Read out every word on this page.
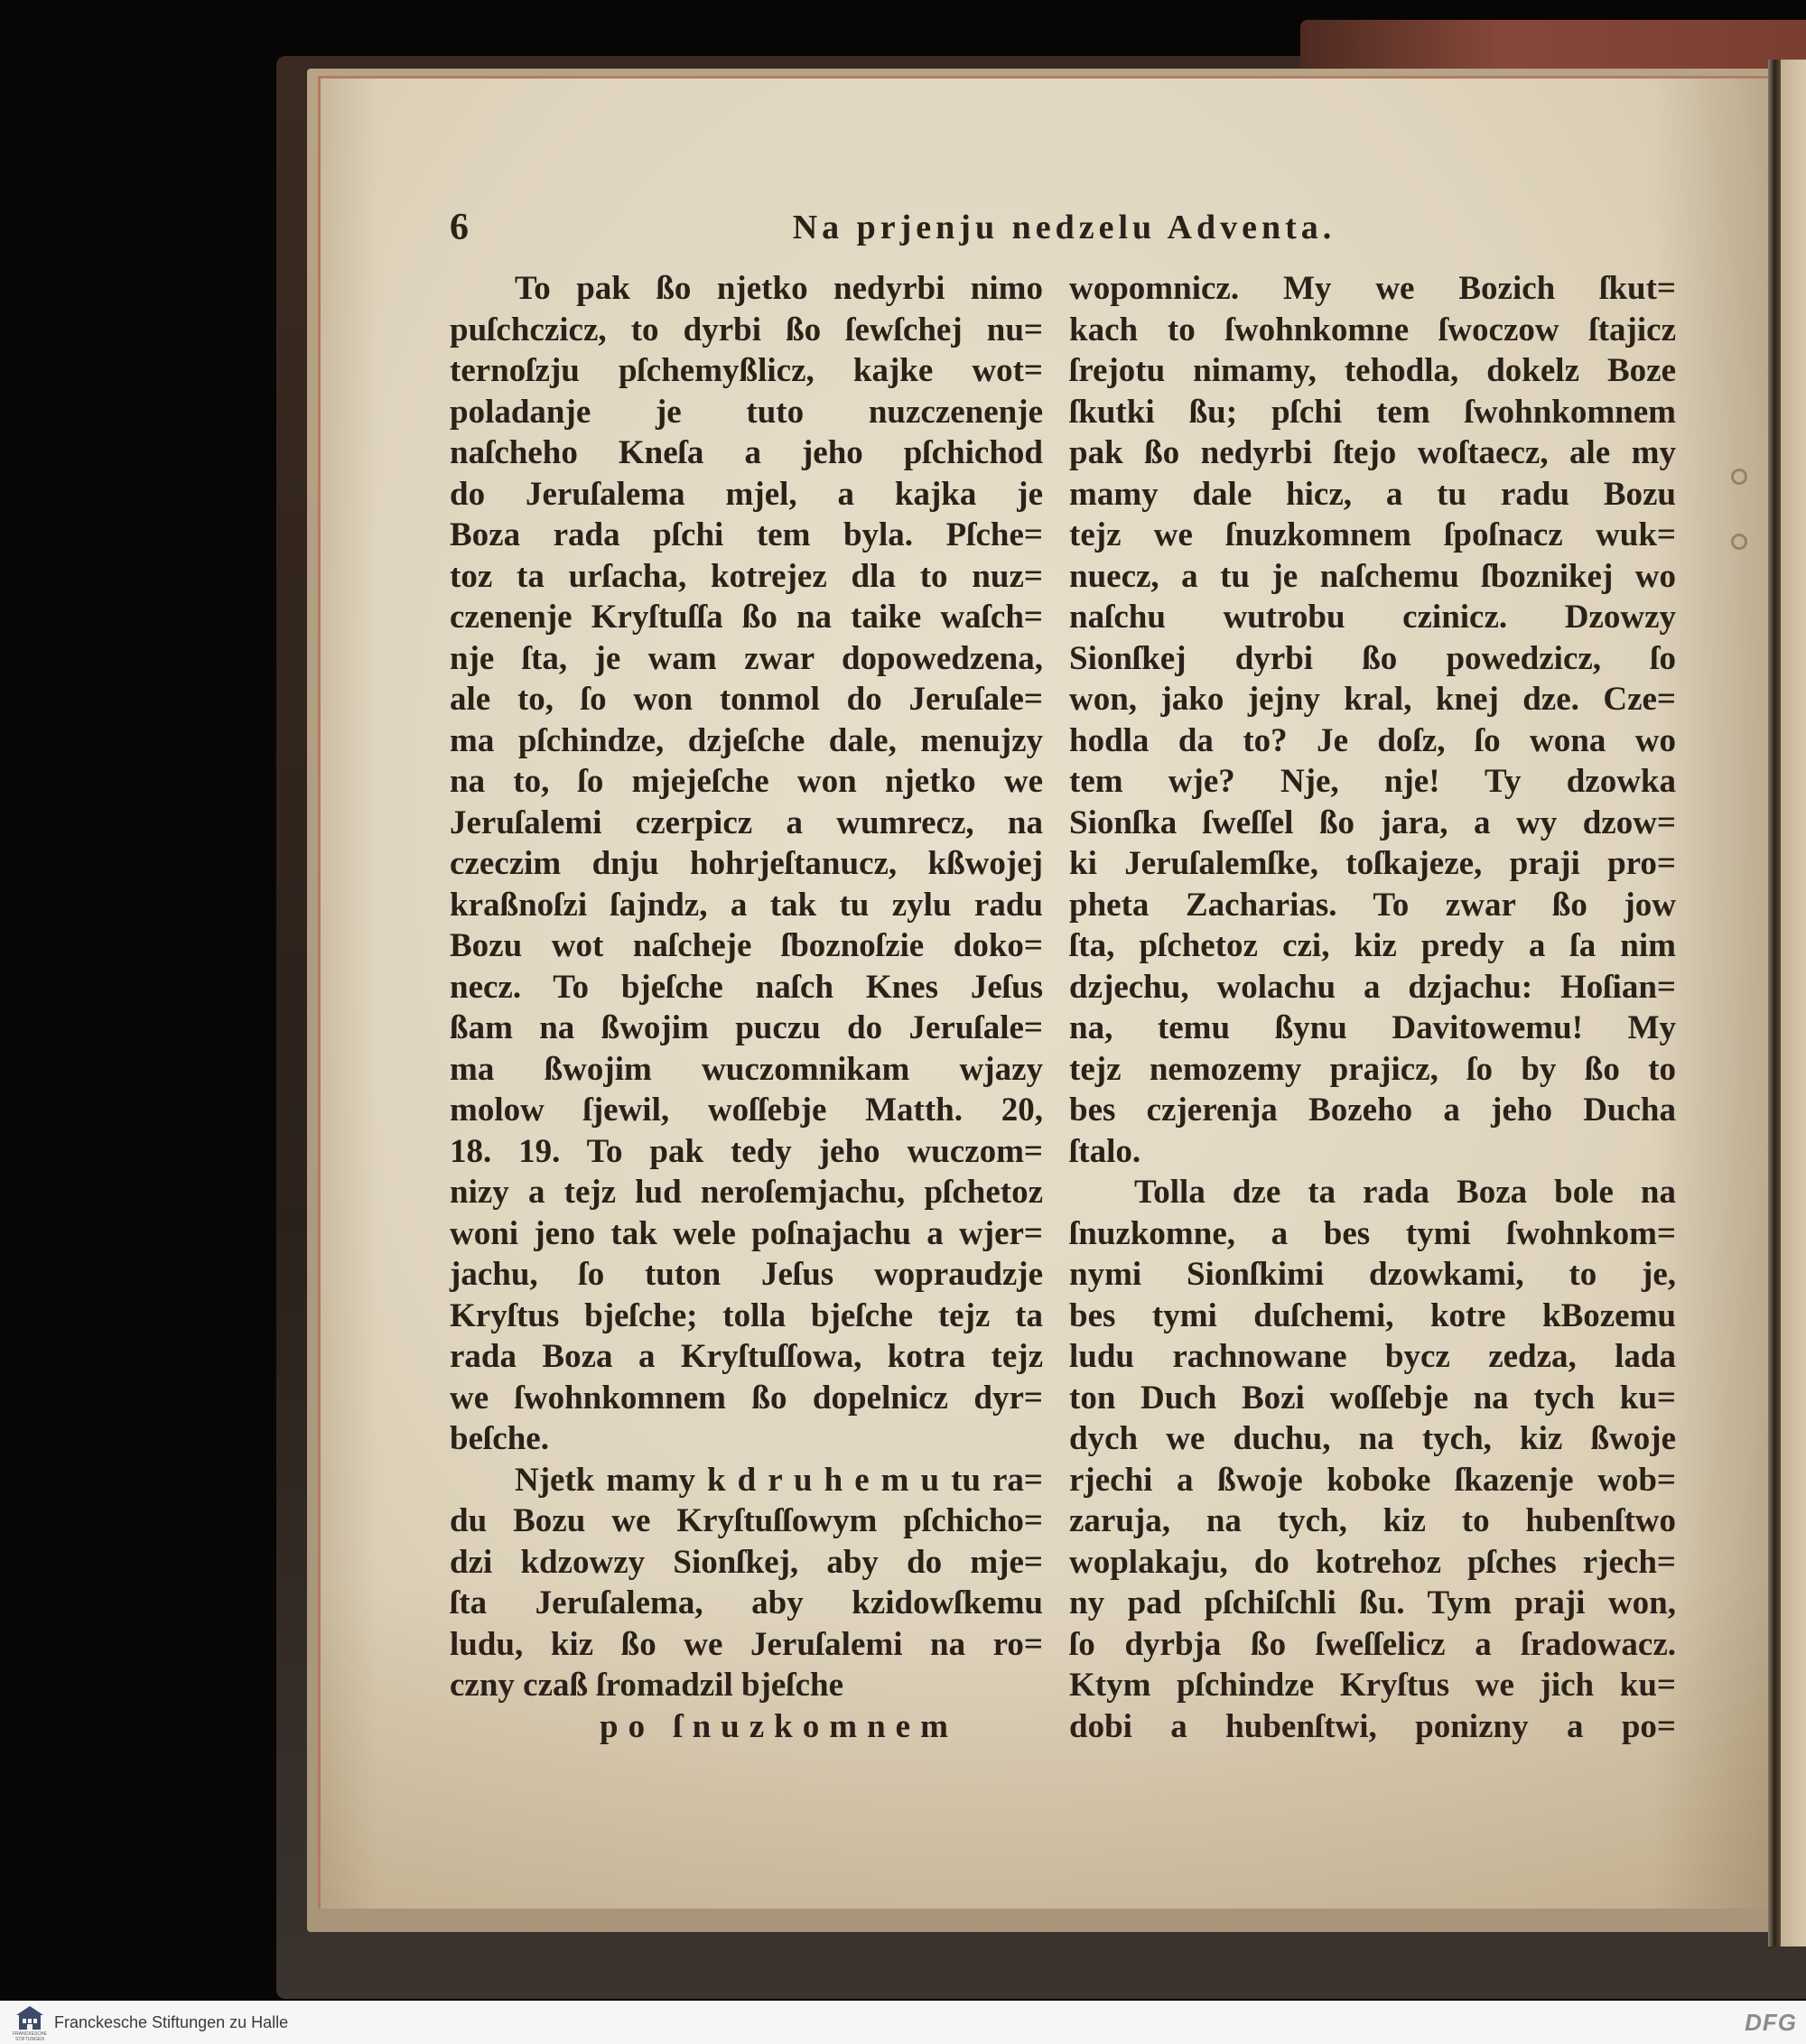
6	Na prjenju nedzelu Adventa.
To pak ßo njetko nedyrbi nimo
puſchczicz, to dyrbi ßo ſewſchej nu=
ternoſzju pſchemyßlicz, kajke wot=
poladanje je tuto nuzczenenje
naſcheho Kneſa a jeho pſchichod
do Jeruſalema mjel, a kajka je
Boza rada pſchi tem byla. Pſche=
toz ta urſacha, kotrejez dla to nuz=
czenenje Kryſtuſſa ßo na taike waſch=
nje ſta, je wam zwar dopowedzena,
ale to, ſo won tonmol do Jeruſale=
ma pſchindze, dzjeſche dale, menujzy
na to, ſo mjejeſche won njetko we
Jeruſalemi czerpicz a wumrecz, na
czeczim dnju hohrjeſtanucz, kßwojej
kraßnoſzi ſajndz, a tak tu zylu radu
Bozu wot naſcheje ſboznoſzie doko=
necz. To bjeſche naſch Knes Jeſus
ßam na ßwojim puczu do Jeruſale=
ma ßwojim wuczomnikam wjazy
molow ſjewil, woſſebje Matth. 20,
18. 19. To pak tedy jeho wuczom=
nizy a tejz lud neroſemjachu, pſchetoz
woni jeno tak wele poſnajachu a wjer=
jachu, ſo tuton Jeſus wopraudzje
Kryſtus bjeſche; tolla bjeſche tejz ta
rada Boza a Kryſtuſſowa, kotra tejz
we ſwohnkomnem ßo dopelnicz dyr=
beſche.
Njetk mamy k d r u h e m u tu ra=
du Bozu we Kryſtuſſowym pſchicho=
dzi kdzowzy Sionſkej, aby do mje=
ſta Jeruſalema, aby kzidowſkemu
ludu, kiz ßo we Jeruſalemi na ro=
czny czaß ſromadzil bjeſche
po ſnuzkomnem
wopomnicz. My we Bozich ſkut=
kach to ſwohnkomne ſwoczow ſtajicz
ſrejotu nimamy, tehodla, dokelz Boze
ſkutki ßu; pſchi tem ſwohnkomnem
pak ßo nedyrbi ſtejo woſtaecz, ale my
mamy dale hicz, a tu radu Bozu
tejz we ſnuzkomnem ſpoſnacz wuk=
nuecz, a tu je naſchemu ſboznikej wo
naſchu wutrobu czinicz. Dzowzy
Sionſkej dyrbi ßo powedzicz, ſo
won, jako jejny kral, knej dze. Cze=
hodla da to? Je doſz, ſo wona wo
tem wje? Nje, nje! Ty dzowka
Sionſka ſweſſel ßo jara, a wy dzow=
ki Jeruſalemſke, toſkajeze, praji pro=
pheta Zacharias. To zwar ßo jow
ſta, pſchetoz czi, kiz predy a ſa nim
dzjechu, wolachu a dzjachu: Hoſian=
na, temu ßynu Davitowemu! My
tejz nemozemy prajicz, ſo by ßo to
bes czjerenja Bozeho a jeho Ducha
ſtalo.
Tolla dze ta rada Boza bole na
ſnuzkomne, a bes tymi ſwohnkom=
nymi Sionſkimi dzowkami, to je,
bes tymi duſchemi, kotre kBozemu
ludu rachnowane bycz zedza, lada
ton Duch Bozi woſſebje na tych ku=
dych we duchu, na tych, kiz ßwoje
rjechi a ßwoje koboke ſkazenje wob=
zaruja, na tych, kiz to hubenſtwo
woplakaju, do kotrehoz pſches rjech=
ny pad pſchiſchli ßu. Tym praji won,
ſo dyrbja ßo ſweſſelicz a ſradowacz.
Ktym pſchindze Kryſtus we jich ku=
dobi a hubenſtwi, ponizny a po=
FRANCKESCHE STIFTUNGEN
Franckesche Stiftungen zu Halle	DFG
